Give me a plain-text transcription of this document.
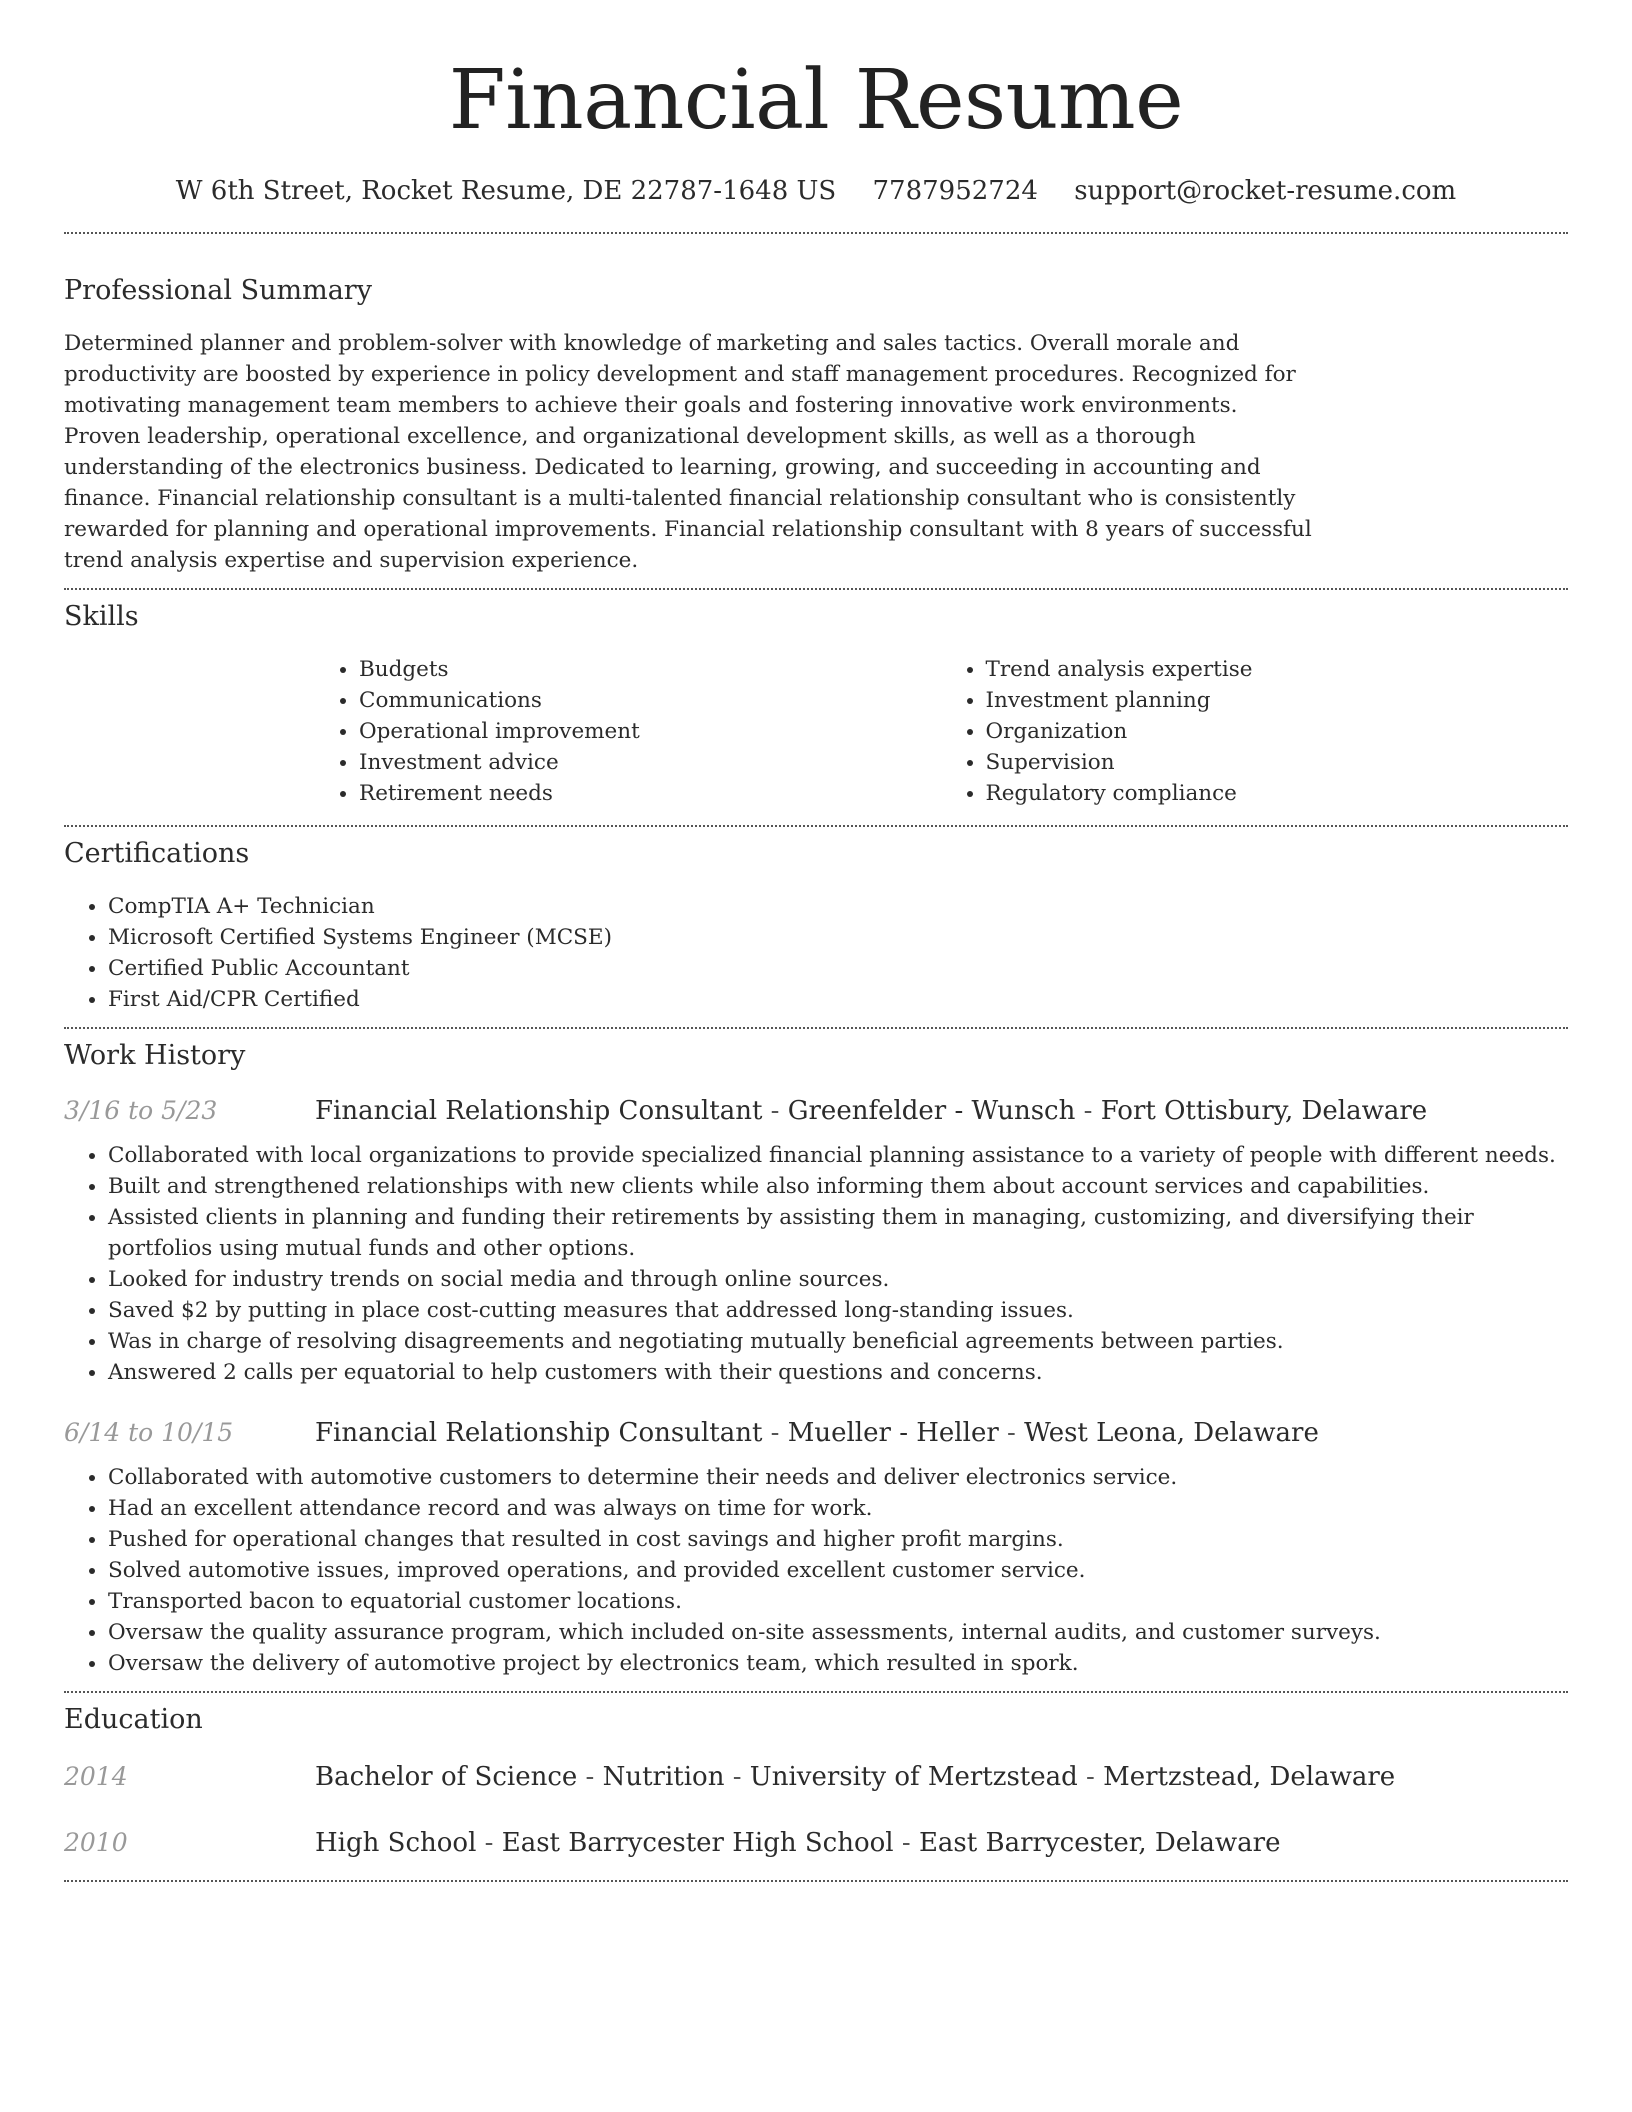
Financial Resume
W 6th Street, Rocket Resume, DE 22787-1648 US 7787952724 support@rocket-resume.com
Professional Summary

Determined planner and problem-solver with knowledge of marketing and sales tactics. Overall morale and productivity are boosted by experience in policy development and staff management procedures. Recognized for motivating management team members to achieve their goals and fostering innovative work environments. Proven leadership, operational excellence, and organizational development skills, as well as a thorough understanding of the electronics business. Dedicated to learning, growing, and succeeding in accounting and finance. Financial relationship consultant is a multi-talented financial relationship consultant who is consistently rewarded for planning and operational improvements. Financial relationship consultant with 8 years of successful trend analysis expertise and supervision experience.

Skills
• Budgets
• Communications
• Operational improvement
• Investment advice
• Retirement needs
• Trend analysis expertise
• Investment planning
• Organization
• Supervision
• Regulatory compliance
Certifications
• CompTIA A+ Technician
• Microsoft Certified Systems Engineer (MCSE)
• Certified Public Accountant
• First Aid/CPR Certified
Work History
3/16 to 5/23	Financial Relationship Consultant - Greenfelder - Wunsch - Fort Ottisbury, Delaware
• Collaborated with local organizations to provide specialized financial planning assistance to a variety of people with different needs.
• Built and strengthened relationships with new clients while also informing them about account services and capabilities.
• Assisted clients in planning and funding their retirements by assisting them in managing, customizing, and diversifying their portfolios using mutual funds and other options.
• Looked for industry trends on social media and through online sources.
• Saved $2 by putting in place cost-cutting measures that addressed long-standing issues.
• Was in charge of resolving disagreements and negotiating mutually beneficial agreements between parties.
• Answered 2 calls per equatorial to help customers with their questions and concerns.
6/14 to 10/15	Financial Relationship Consultant - Mueller - Heller - West Leona, Delaware
• Collaborated with automotive customers to determine their needs and deliver electronics service.
• Had an excellent attendance record and was always on time for work.
• Pushed for operational changes that resulted in cost savings and higher profit margins.
• Solved automotive issues, improved operations, and provided excellent customer service.
• Transported bacon to equatorial customer locations.
• Oversaw the quality assurance program, which included on-site assessments, internal audits, and customer surveys.
• Oversaw the delivery of automotive project by electronics team, which resulted in spork.
Education
2014	Bachelor of Science - Nutrition - University of Mertzstead - Mertzstead, Delaware
2010	High School - East Barrycester High School - East Barrycester, Delaware
